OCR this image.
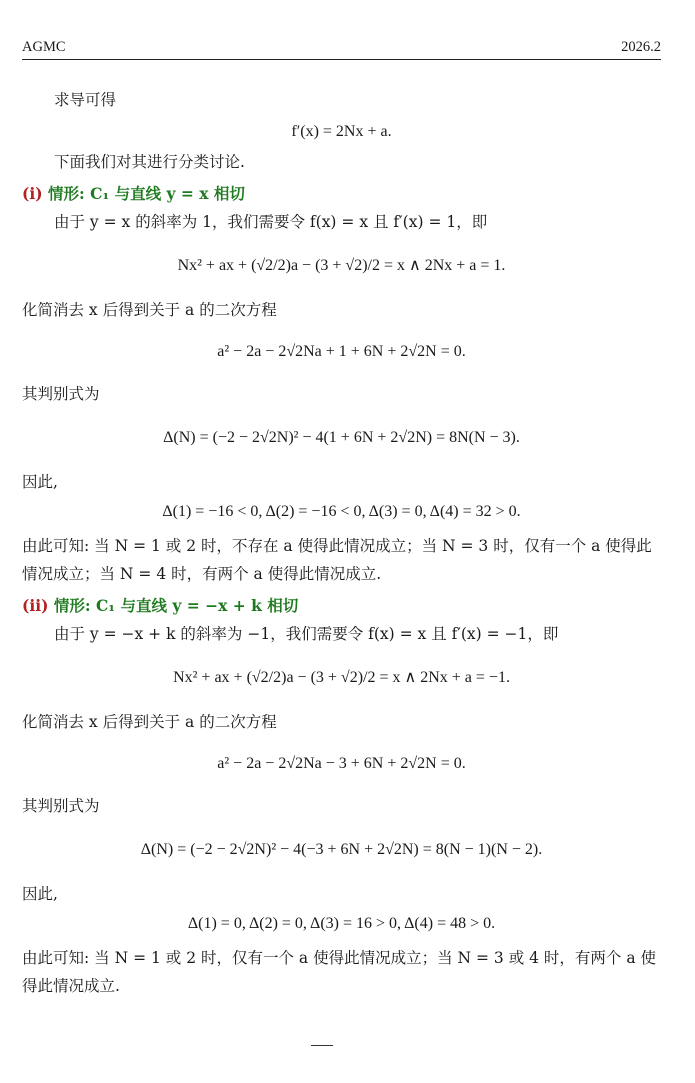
AGMC	2026.2

求导可得

f′(x) = 2Nx + a.

下面我们对其进行分类讨论.

(i) 情形: C₁ 与直线 y = x 相切

由于 y = x 的斜率为 1，我们需要令 f(x) = x 且 f′(x) = 1，即

Nx² + ax + (√2/2)a − (3 + √2)/2 = x ∧ 2Nx + a = 1.

化简消去 x 后得到关于 a 的二次方程

a² − 2a − 2√2Na + 1 + 6N + 2√2N = 0.

其判别式为

Δ(N) = (−2 − 2√2N)² − 4(1 + 6N + 2√2N) = 8N(N − 3).

因此,

Δ(1) = −16 < 0, Δ(2) = −16 < 0, Δ(3) = 0, Δ(4) = 32 > 0.

由此可知: 当 N = 1 或 2 时，不存在 a 使得此情况成立；当 N = 3 时，仅有一个 a 使得此情况成立；当 N = 4 时，有两个 a 使得此情况成立.

(ii) 情形: C₁ 与直线 y = −x + k 相切

由于 y = −x + k 的斜率为 −1，我们需要令 f(x) = x 且 f′(x) = −1，即

Nx² + ax + (√2/2)a − (3 + √2)/2 = x ∧ 2Nx + a = −1.

化简消去 x 后得到关于 a 的二次方程

a² − 2a − 2√2Na − 3 + 6N + 2√2N = 0.

其判别式为

Δ(N) = (−2 − 2√2N)² − 4(−3 + 6N + 2√2N) = 8(N − 1)(N − 2).

因此,

Δ(1) = 0, Δ(2) = 0, Δ(3) = 16 > 0, Δ(4) = 48 > 0.

由此可知: 当 N = 1 或 2 时，仅有一个 a 使得此情况成立；当 N = 3 或 4 时，有两个 a 使得此情况成立.
